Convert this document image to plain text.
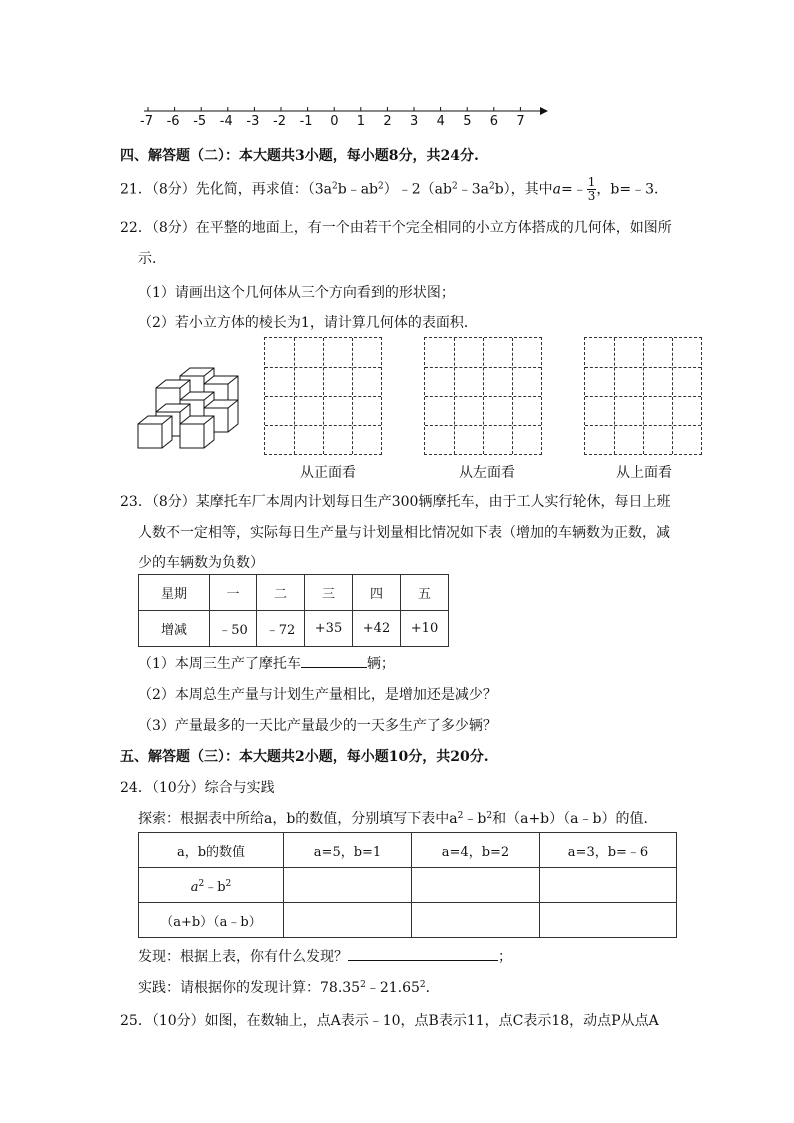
-7 -6 -5 -4 -3 -2 -1 0 1 2 3 4 5 6 7
四、解答题（二）：本大题共3小题，每小题8分，共24分.
21．（8分）先化简，再求值：$(3a^2b﹣ab^2)﹣2(ab^2﹣3a^2b)$，其中a=﹣ $\frac{1}{3}$ ，b=﹣3．
22．（8分）在平整的地面上，有一个由若干个完全相同的小立方体搭成的几何体，如图所
示．
（1）请画出这个几何体从三个方向看到的形状图；
（2）若小立方体的棱长为1，请计算几何体的表面积．
从正面看	从左面看	从上面看
23．（8分）某摩托车厂本周内计划每日生产300辆摩托车，由于工人实行轮休，每日上班
人数不一定相等，实际每日生产量与计划量相比情况如下表（增加的车辆数为正数，减
少的车辆数为负数）
星期	一	二	三	四	五
增减	﹣50	﹣72	+35	+42	+10
（1）本周三生产了摩托车	辆；
（2）本周总生产量与计划生产量相比，是增加还是减少？
（3）产量最多的一天比产量最少的一天多生产了多少辆？
五、解答题（三）：本大题共2小题，每小题10分，共20分.
24．（10分）综合与实践
探索：根据表中所给a，b的数值，分别填写下表中$a^2﹣b^2$和（a+b）（a﹣b）的值．
a，b的数值	a=5，b=1	a=4，b=2	a=3，b=﹣6
$a^2﹣b^2$			
（a+b）（a﹣b）			
发现：根据上表，你有什么发现？	；
实践：请根据你的发现计算：78.35$^2$﹣21.65$^2$．
25．（10分）如图，在数轴上，点A表示﹣10，点B表示11，点C表示18，动点P从点A
